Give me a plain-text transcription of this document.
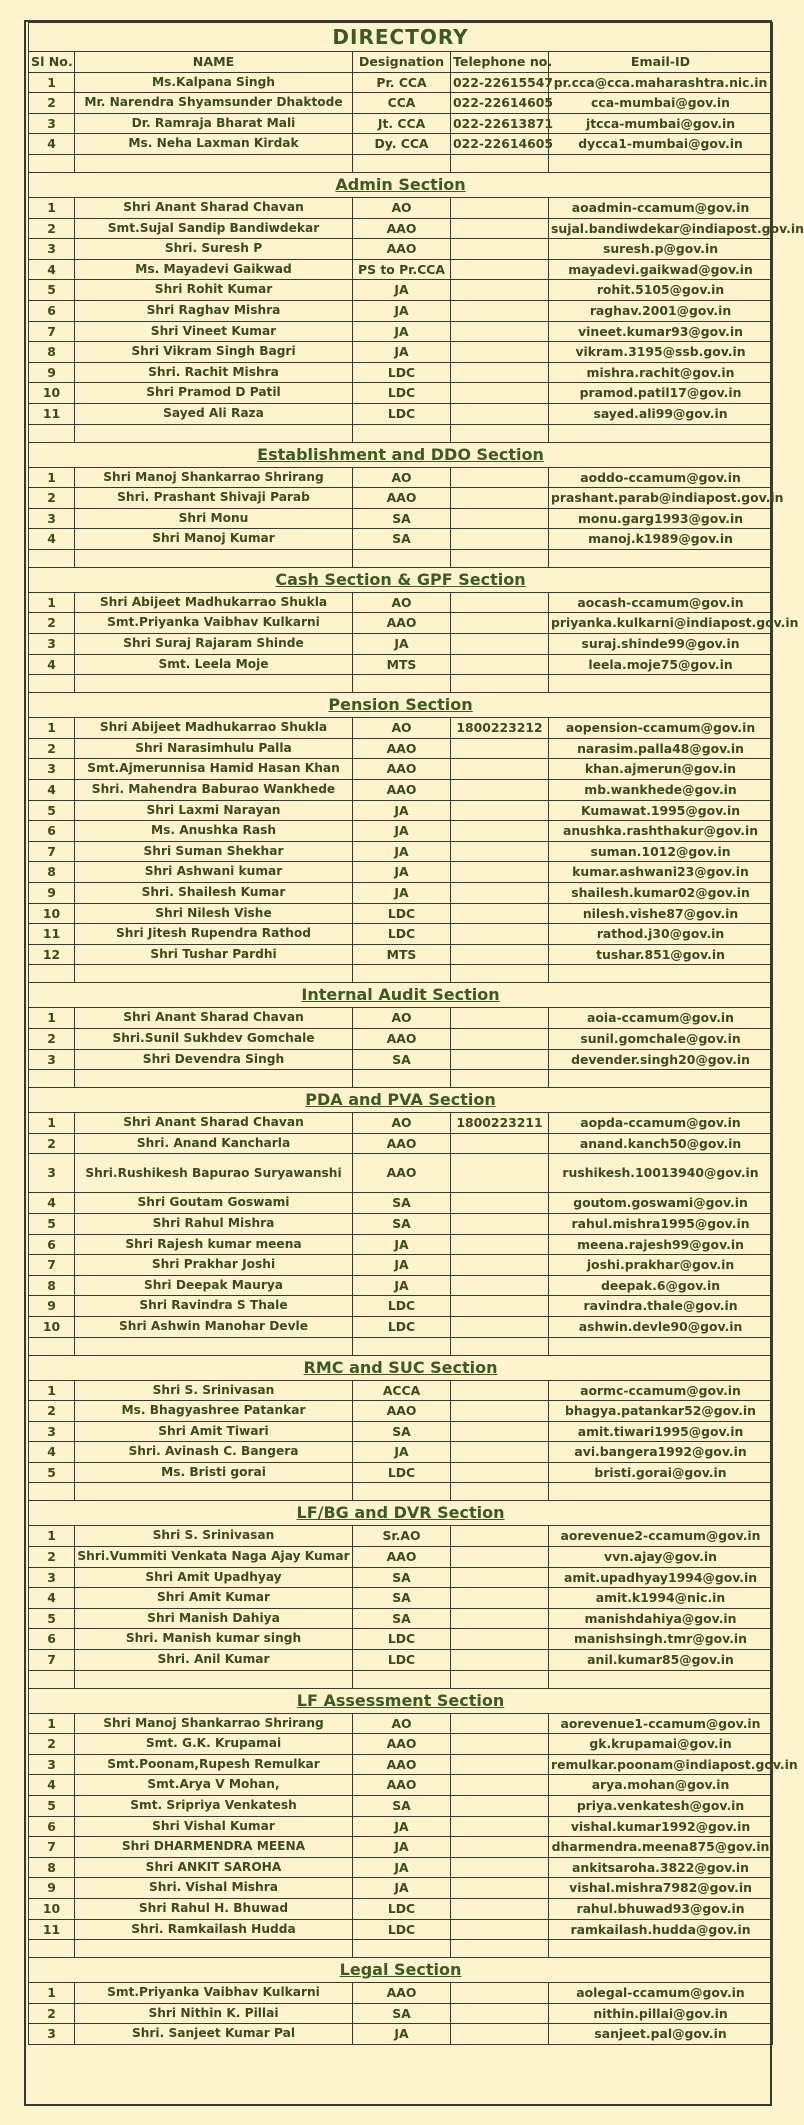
DIRECTORY				
Sl No.	NAME	Designation	Telephone no.	Email-ID
1	Ms.Kalpana Singh	Pr. CCA	022-22615547	pr.cca@cca.maharashtra.nic.in
2	Mr. Narendra Shyamsunder Dhaktode	CCA	022-22614605	cca-mumbai@gov.in
3	Dr. Ramraja Bharat Mali	Jt. CCA	022-22613871	jtcca-mumbai@gov.in
4	Ms. Neha Laxman Kirdak	Dy. CCA	022-22614605	dycca1-mumbai@gov.in

Admin Section				
1	Shri Anant Sharad Chavan	AO		aoadmin-ccamum@gov.in
2	Smt.Sujal Sandip Bandiwdekar	AAO		sujal.bandiwdekar@indiapost.gov.in
3	Shri. Suresh P	AAO		suresh.p@gov.in
4	Ms. Mayadevi Gaikwad	PS to Pr.CCA		mayadevi.gaikwad@gov.in
5	Shri Rohit Kumar	JA		rohit.5105@gov.in
6	Shri Raghav Mishra	JA		raghav.2001@gov.in
7	Shri Vineet Kumar	JA		vineet.kumar93@gov.in
8	Shri Vikram Singh Bagri	JA		vikram.3195@ssb.gov.in
9	Shri. Rachit Mishra	LDC		mishra.rachit@gov.in
10	Shri Pramod D Patil	LDC		pramod.patil17@gov.in
11	Sayed Ali Raza	LDC		sayed.ali99@gov.in

Establishment and DDO Section				
1	Shri Manoj Shankarrao Shrirang	AO		aoddo-ccamum@gov.in
2	Shri. Prashant Shivaji Parab	AAO		prashant.parab@indiapost.gov.in
3	Shri Monu	SA		monu.garg1993@gov.in
4	Shri Manoj Kumar	SA		manoj.k1989@gov.in

Cash Section & GPF Section				
1	Shri Abijeet Madhukarrao Shukla	AO		aocash-ccamum@gov.in
2	Smt.Priyanka Vaibhav Kulkarni	AAO		priyanka.kulkarni@indiapost.gov.in
3	Shri Suraj Rajaram Shinde	JA		suraj.shinde99@gov.in
4	Smt. Leela Moje	MTS		leela.moje75@gov.in

Pension Section				
1	Shri Abijeet Madhukarrao Shukla	AO	1800223212	aopension-ccamum@gov.in
2	Shri Narasimhulu Palla	AAO		narasim.palla48@gov.in
3	Smt.Ajmerunnisa Hamid Hasan Khan	AAO		khan.ajmerun@gov.in
4	Shri. Mahendra Baburao Wankhede	AAO		mb.wankhede@gov.in
5	Shri Laxmi Narayan	JA		Kumawat.1995@gov.in
6	Ms. Anushka Rash	JA		anushka.rashthakur@gov.in
7	Shri Suman Shekhar	JA		suman.1012@gov.in
8	Shri Ashwani kumar	JA		kumar.ashwani23@gov.in
9	Shri. Shailesh Kumar	JA		shailesh.kumar02@gov.in
10	Shri Nilesh Vishe	LDC		nilesh.vishe87@gov.in
11	Shri Jitesh Rupendra Rathod	LDC		rathod.j30@gov.in
12	Shri Tushar Pardhi	MTS		tushar.851@gov.in

Internal Audit Section				
1	Shri Anant Sharad Chavan	AO		aoia-ccamum@gov.in
2	Shri.Sunil Sukhdev Gomchale	AAO		sunil.gomchale@gov.in
3	Shri Devendra Singh	SA		devender.singh20@gov.in

PDA and PVA Section				
1	Shri Anant Sharad Chavan	AO	1800223211	aopda-ccamum@gov.in
2	Shri. Anand Kancharla	AAO		anand.kanch50@gov.in
3	Shri.Rushikesh Bapurao Suryawanshi	AAO		rushikesh.10013940@gov.in
4	Shri Goutam Goswami	SA		goutom.goswami@gov.in
5	Shri Rahul Mishra	SA		rahul.mishra1995@gov.in
6	Shri Rajesh kumar meena	JA		meena.rajesh99@gov.in
7	Shri Prakhar Joshi	JA		joshi.prakhar@gov.in
8	Shri Deepak Maurya	JA		deepak.6@gov.in
9	Shri Ravindra S Thale	LDC		ravindra.thale@gov.in
10	Shri Ashwin Manohar Devle	LDC		ashwin.devle90@gov.in

RMC and SUC Section				
1	Shri S. Srinivasan	ACCA		aormc-ccamum@gov.in
2	Ms. Bhagyashree Patankar	AAO		bhagya.patankar52@gov.in
3	Shri Amit Tiwari	SA		amit.tiwari1995@gov.in
4	Shri. Avinash C. Bangera	JA		avi.bangera1992@gov.in
5	Ms. Bristi gorai	LDC		bristi.gorai@gov.in

LF/BG and DVR Section				
1	Shri S. Srinivasan	Sr.AO		aorevenue2-ccamum@gov.in
2	Shri.Vummiti Venkata Naga Ajay Kumar	AAO		vvn.ajay@gov.in
3	Shri Amit Upadhyay	SA		amit.upadhyay1994@gov.in
4	Shri Amit Kumar	SA		amit.k1994@nic.in
5	Shri Manish Dahiya	SA		manishdahiya@gov.in
6	Shri. Manish kumar singh	LDC		manishsingh.tmr@gov.in
7	Shri. Anil Kumar	LDC		anil.kumar85@gov.in

LF Assessment Section				
1	Shri Manoj Shankarrao Shrirang	AO		aorevenue1-ccamum@gov.in
2	Smt. G.K. Krupamai	AAO		gk.krupamai@gov.in
3	Smt.Poonam,Rupesh Remulkar	AAO		remulkar.poonam@indiapost.gov.in
4	Smt.Arya V Mohan,	AAO		arya.mohan@gov.in
5	Smt. Sripriya Venkatesh	SA		priya.venkatesh@gov.in
6	Shri Vishal Kumar	JA		vishal.kumar1992@gov.in
7	Shri DHARMENDRA MEENA	JA		dharmendra.meena875@gov.in
8	Shri ANKIT SAROHA	JA		ankitsaroha.3822@gov.in
9	Shri. Vishal Mishra	JA		vishal.mishra7982@gov.in
10	Shri Rahul H. Bhuwad	LDC		rahul.bhuwad93@gov.in
11	Shri. Ramkailash Hudda	LDC		ramkailash.hudda@gov.in

Legal Section				
1	Smt.Priyanka Vaibhav Kulkarni	AAO		aolegal-ccamum@gov.in
2	Shri Nithin K. Pillai	SA		nithin.pillai@gov.in
3	Shri. Sanjeet Kumar Pal	JA		sanjeet.pal@gov.in
